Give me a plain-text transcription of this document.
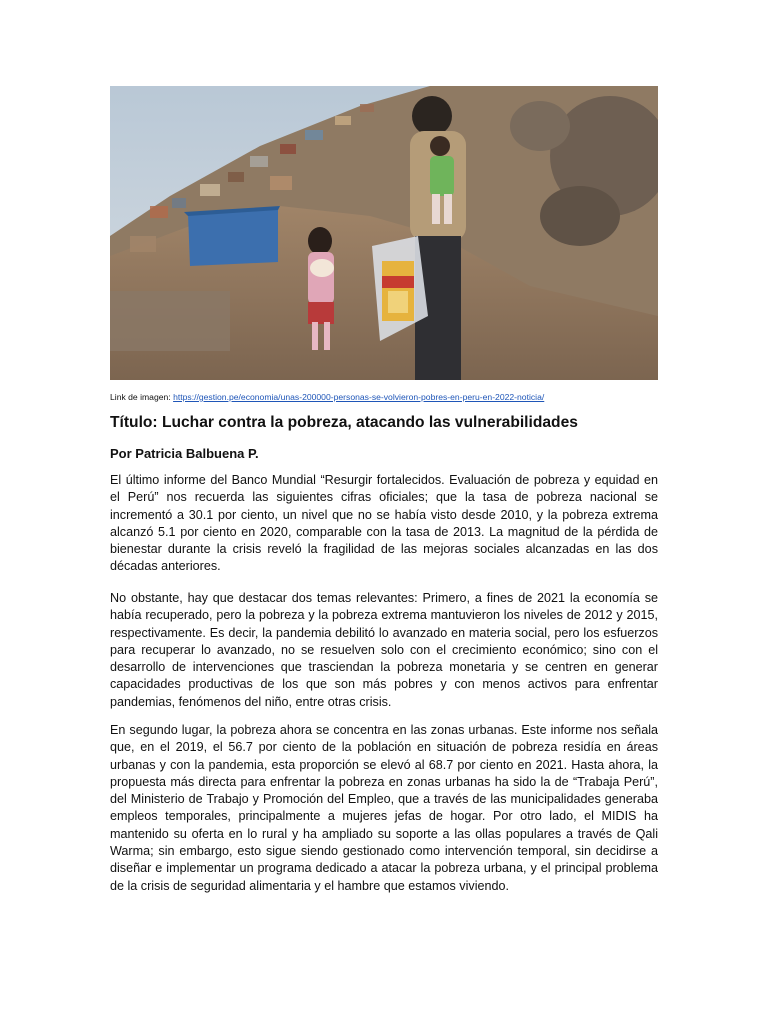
Link de imagen: https://gestion.pe/economia/unas-200000-personas-se-volvieron-pobres-en-peru-en-2022-noticia/
Título: Luchar contra la pobreza, atacando las vulnerabilidades

Por Patricia Balbuena P.

El último informe del Banco Mundial “Resurgir fortalecidos. Evaluación de pobreza y equidad en el Perú” nos recuerda las siguientes cifras oficiales; que la tasa de pobreza nacional se incrementó a 30.1 por ciento, un nivel que no se había visto desde 2010, y la pobreza extrema alcanzó 5.1 por ciento en 2020, comparable con la tasa de 2013. La magnitud de la pérdida de bienestar durante la crisis reveló la fragilidad de las mejoras sociales alcanzadas en las dos décadas anteriores.

No obstante, hay que destacar dos temas relevantes: Primero, a fines de 2021 la economía se había recuperado, pero la pobreza y la pobreza extrema mantuvieron los niveles de 2012 y 2015, respectivamente. Es decir, la pandemia debilitó lo avanzado en materia social, pero los esfuerzos para recuperar lo avanzado, no se resuelven solo con el crecimiento económico; sino con el desarrollo de intervenciones que trasciendan la pobreza monetaria y se centren en generar capacidades productivas de los que son más pobres y con menos activos para enfrentar pandemias, fenómenos del niño, entre otras crisis.

En segundo lugar, la pobreza ahora se concentra en las zonas urbanas. Este informe nos señala que, en el 2019, el 56.7 por ciento de la población en situación de pobreza residía en áreas urbanas y con la pandemia, esta proporción se elevó al 68.7 por ciento en 2021. Hasta ahora, la propuesta más directa para enfrentar la pobreza en zonas urbanas ha sido la de “Trabaja Perú”, del Ministerio de Trabajo y Promoción del Empleo, que a través de las municipalidades generaba empleos temporales, principalmente a mujeres jefas de hogar. Por otro lado, el MIDIS ha mantenido su oferta en lo rural y ha ampliado su soporte a las ollas populares a través de Qali Warma; sin embargo, esto sigue siendo gestionado como intervención temporal, sin decidirse a diseñar e implementar un programa dedicado a atacar la pobreza urbana, y el principal problema de la crisis de seguridad alimentaria y el hambre que estamos viviendo.
